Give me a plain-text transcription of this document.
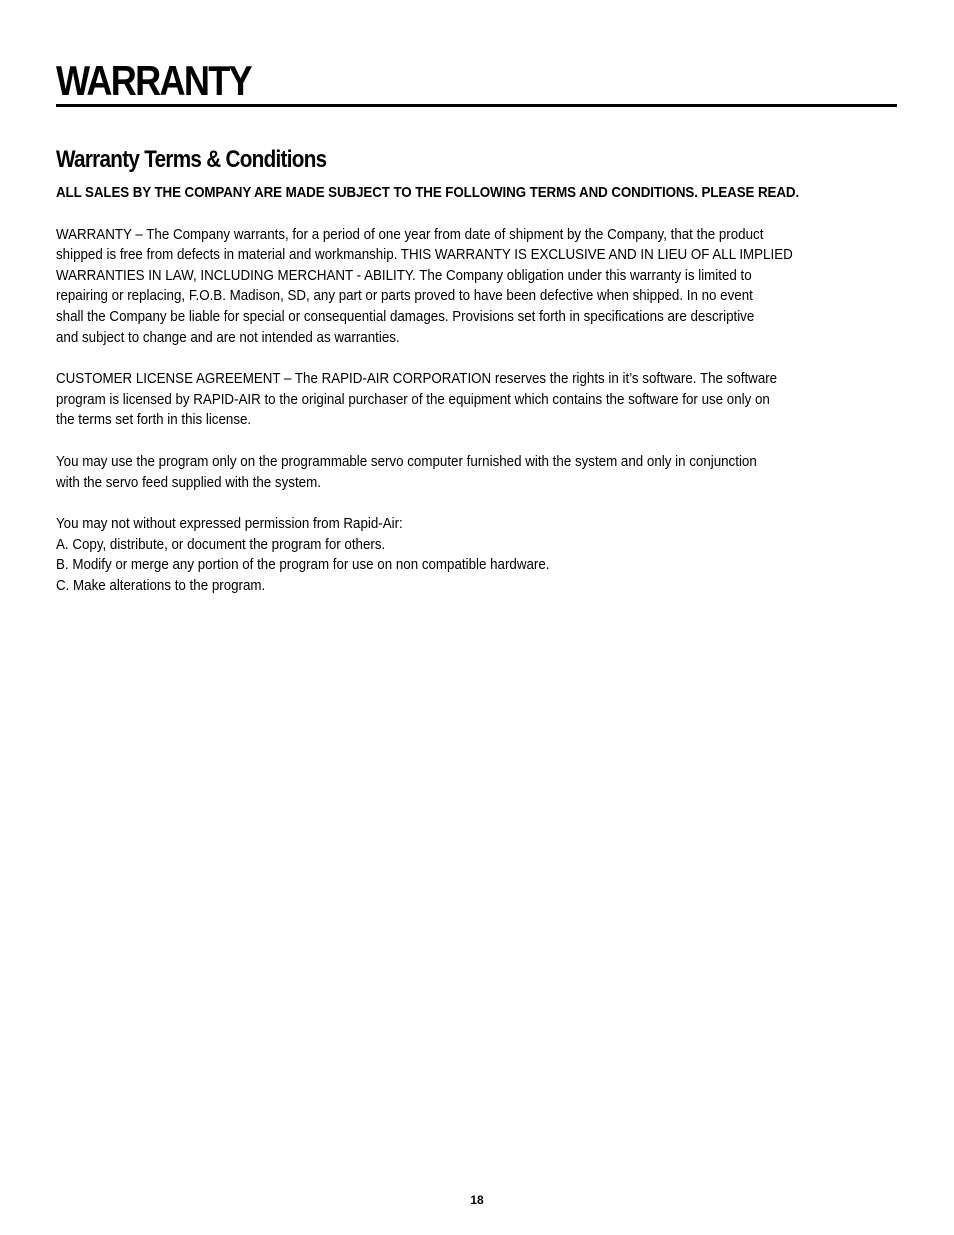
WARRANTY
Warranty Terms & Conditions

ALL SALES BY THE COMPANY ARE MADE SUBJECT TO THE FOLLOWING TERMS AND CONDITIONS. PLEASE READ.

WARRANTY – The Company warrants, for a period of one year from date of shipment by the Company, that the product
shipped is free from defects in material and workmanship. THIS WARRANTY IS EXCLUSIVE AND IN LIEU OF ALL IMPLIED
WARRANTIES IN LAW, INCLUDING MERCHANT - ABILITY. The Company obligation under this warranty is limited to
repairing or replacing, F.O.B. Madison, SD, any part or parts proved to have been defective when shipped. In no event
shall the Company be liable for special or consequential damages. Provisions set forth in specifications are descriptive
and subject to change and are not intended as warranties.
CUSTOMER LICENSE AGREEMENT – The RAPID-AIR CORPORATION reserves the rights in it’s software. The software
program is licensed by RAPID-AIR to the original purchaser of the equipment which contains the software for use only on
the terms set forth in this license.
You may use the program only on the programmable servo computer furnished with the system and only in conjunction
with the servo feed supplied with the system.
You may not without expressed permission from Rapid-Air:
A. Copy, distribute, or document the program for others.
B. Modify or merge any portion of the program for use on non compatible hardware.
C. Make alterations to the program.
18
